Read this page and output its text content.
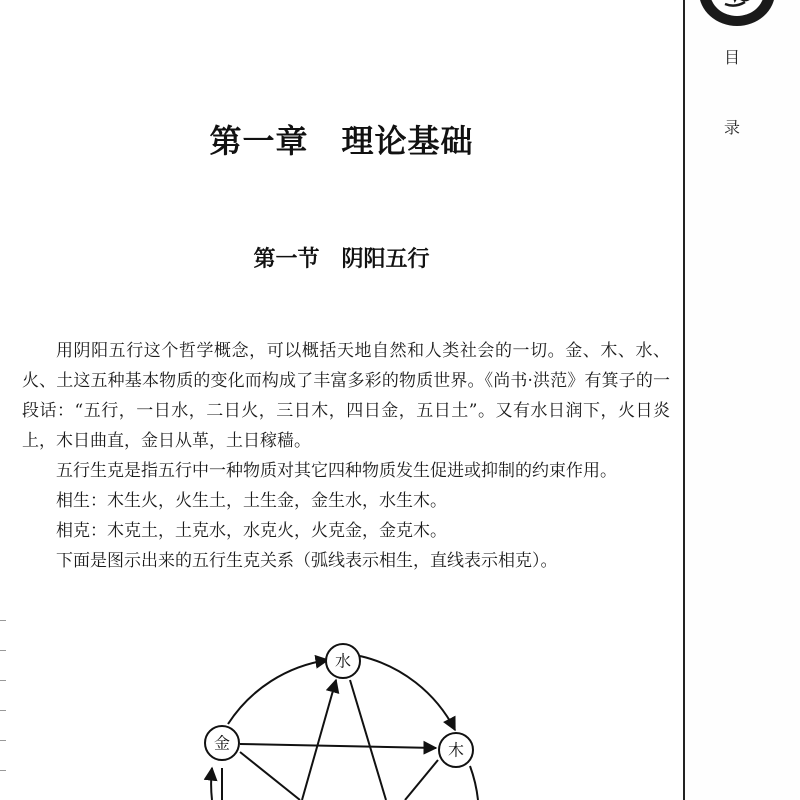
目
录
第一章　理论基础
第一节　阴阳五行

用阴阳五行这个哲学概念，可以概括天地自然和人类社会的一切。金、木、水、火、土这五种基本物质的变化而构成了丰富多彩的物质世界。《尚书·洪范》有箕子的一段话：“五行，一日水，二日火，三日木，四日金，五日土”。又有水日润下，火日炎上，木日曲直，金日从革，土日稼穑。

五行生克是指五行中一种物质对其它四种物质发生促进或抑制的约束作用。

相生：木生火，火生土，土生金，金生水，水生木。

相克：木克土，土克水，水克火，火克金，金克木。

下面是图示出来的五行生克关系（弧线表示相生，直线表示相克）。

水
金	木
